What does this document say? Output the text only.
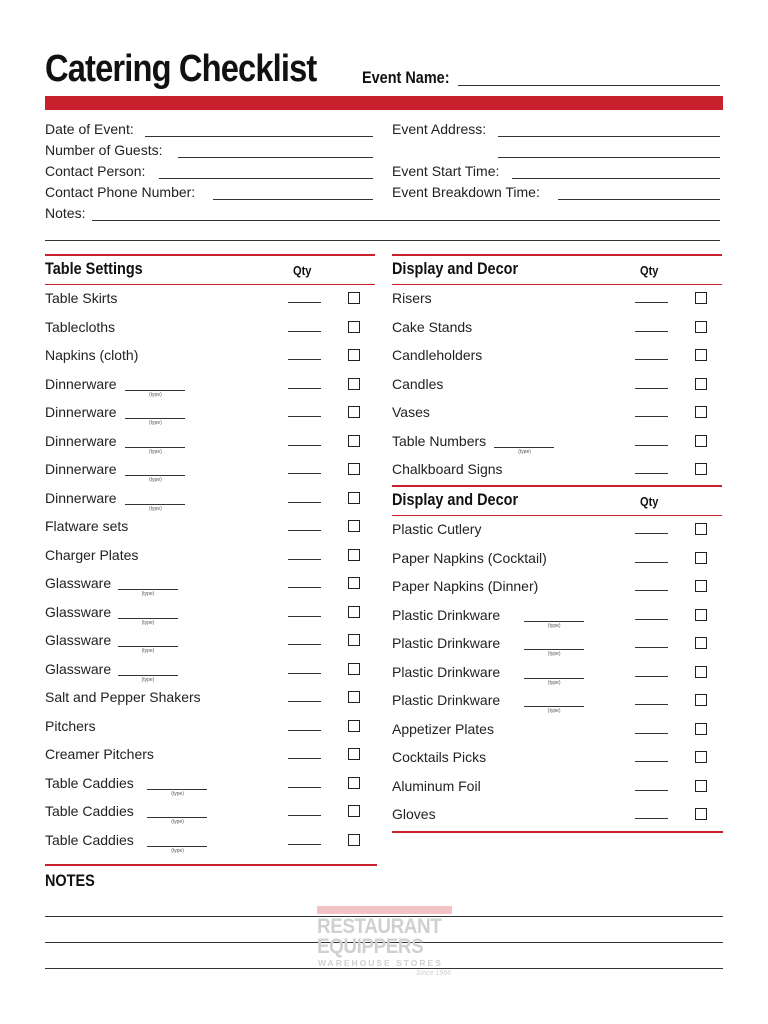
Catering Checklist	Event Name:
Date of Event:
Number of Guests:
Contact Person:
Contact Phone Number:
Event Address:
Event Start Time:
Event Breakdown Time:
Notes:
Table Settings	Qty
Table Skirts
Tablecloths
Napkins (cloth)
Dinnerware
(type)
Dinnerware
(type)
Dinnerware
(type)
Dinnerware
(type)
Dinnerware
(type)
Flatware sets
Charger Plates
Glassware
(type)
Glassware
(type)
Glassware
(type)
Glassware
(type)
Salt and Pepper Shakers
Pitchers
Creamer Pitchers
Table Caddies
(type)
Table Caddies
(type)
Table Caddies
(type)
Display and Decor	Qty
Risers
Cake Stands
Candleholders
Candles
Vases
Table Numbers
(type)
Chalkboard Signs
Display and Decor	Qty
Plastic Cutlery
Paper Napkins (Cocktail)
Paper Napkins (Dinner)
Plastic Drinkware
(type)
Plastic Drinkware
(type)
Plastic Drinkware
(type)
Plastic Drinkware
(type)
Appetizer Plates
Cocktails Picks
Aluminum Foil
Gloves
NOTES
RESTAURANT
EQUIPPERS
WAREHOUSE STORES
Since 1966
